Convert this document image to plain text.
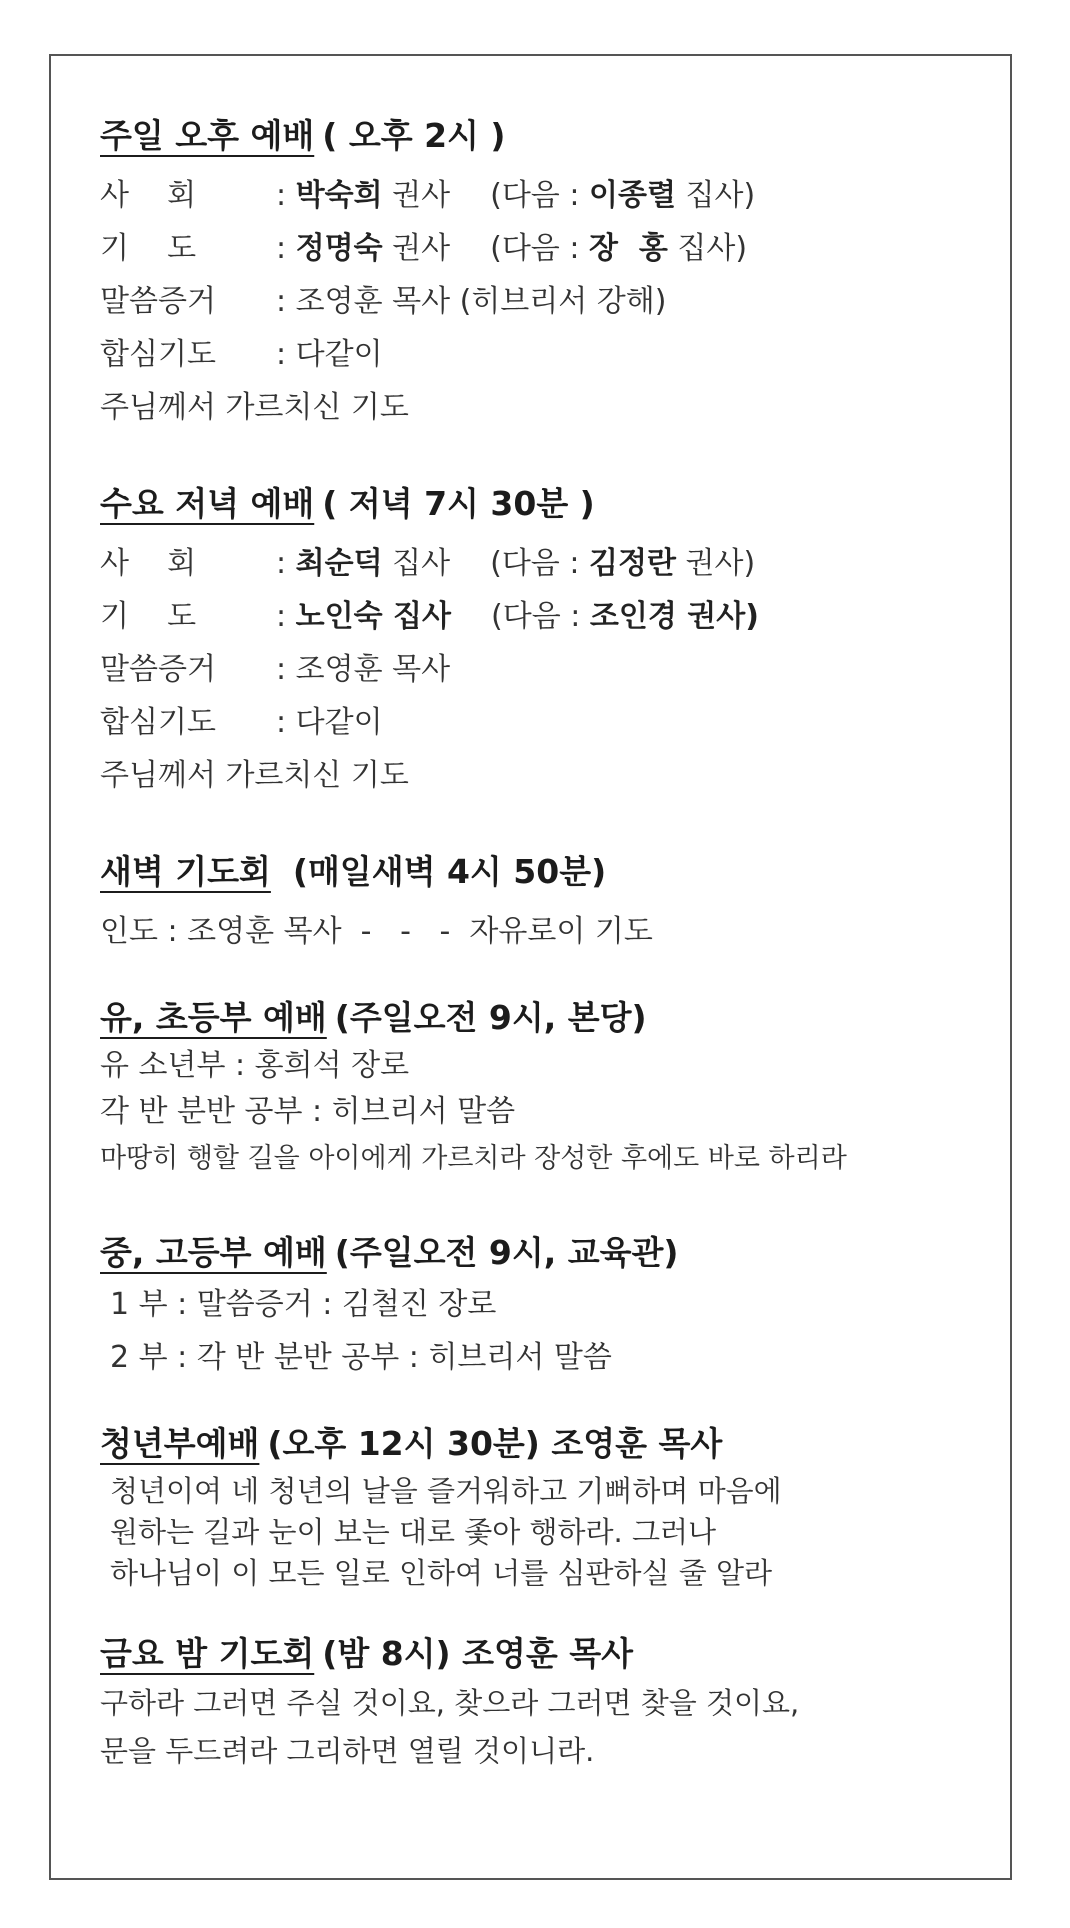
주일 오후 예배 ( 오후 2시 )
사    회	: 박숙희 권사 (다음 : 이종렬 집사)
기    도	: 정명숙 권사 (다음 : 장  홍 집사)
말씀증거 : 조영훈 목사 (히브리서 강해)
합심기도 : 다같이
주님께서 가르치신 기도
수요 저녁 예배 ( 저녁 7시 30분 )
사    회	: 최순덕 집사 (다음 : 김정란 권사)
기    도	: 노인숙 집사 (다음 : 조인경 권사)
말씀증거 : 조영훈 목사
합심기도 : 다같이
주님께서 가르치신 기도
새벽 기도회 (매일새벽 4시 50분)
인도 : 조영훈 목사  -   -   -  자유로이 기도
유, 초등부 예배 (주일오전 9시, 본당)
유 소년부 : 홍희석 장로
각 반 분반 공부 : 히브리서 말씀
마땅히 행할 길을 아이에게 가르치라 장성한 후에도 바로 하리라
중, 고등부 예배 (주일오전 9시, 교육관)
1 부 : 말씀증거 : 김철진 장로
2 부 : 각 반 분반 공부 : 히브리서 말씀
청년부예배 (오후 12시 30분) 조영훈 목사
청년이여 네 청년의 날을 즐거워하고 기뻐하며 마음에
원하는 길과 눈이 보는 대로 좇아 행하라. 그러나
하나님이 이 모든 일로 인하여 너를 심판하실 줄 알라
금요 밤 기도회 (밤 8시) 조영훈 목사
구하라 그러면 주실 것이요, 찾으라 그러면 찾을 것이요,
문을 두드려라 그리하면 열릴 것이니라.
